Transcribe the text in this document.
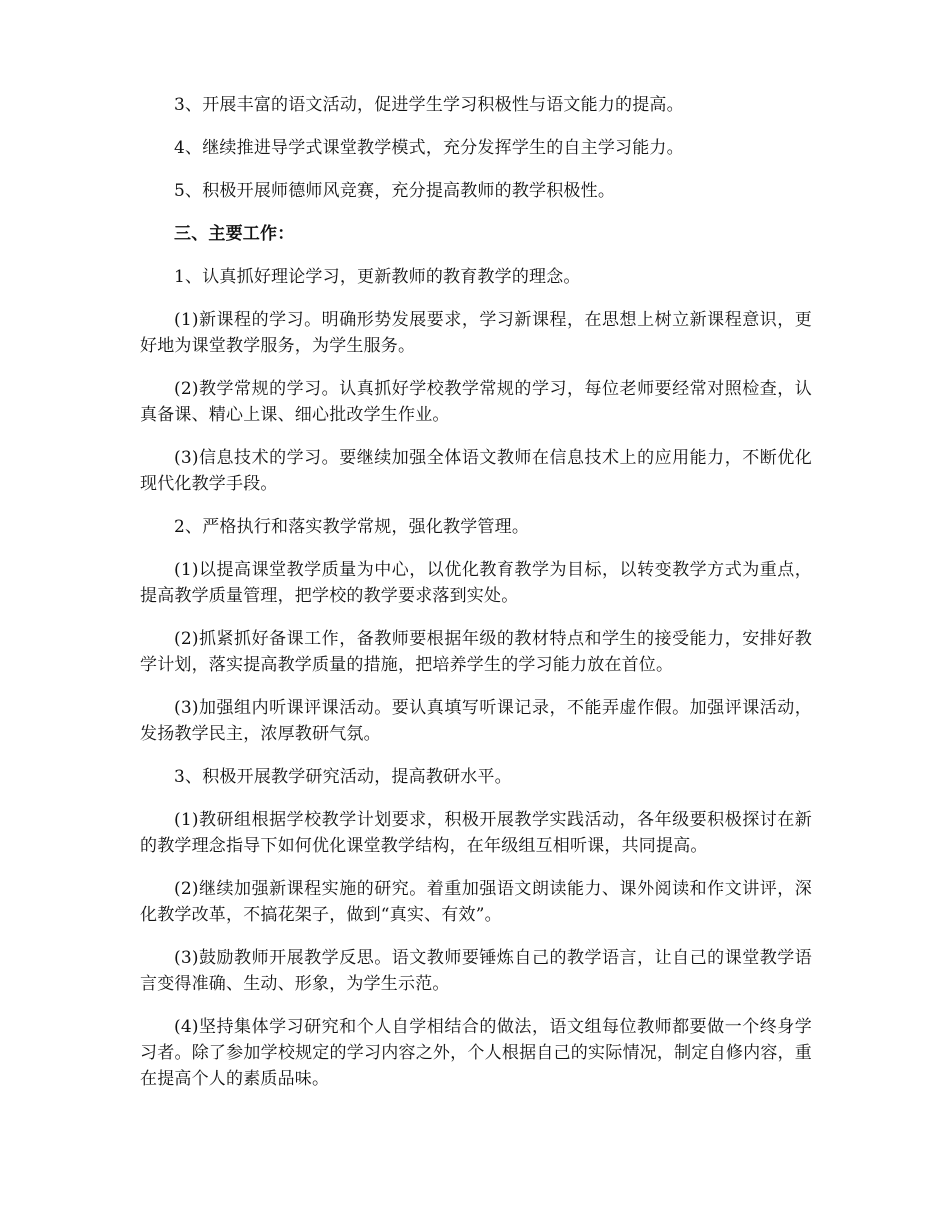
3、开展丰富的语文活动，促进学生学习积极性与语文能力的提高。

4、继续推进导学式课堂教学模式，充分发挥学生的自主学习能力。

5、积极开展师德师风竞赛，充分提高教师的教学积极性。

三、主要工作：

1、认真抓好理论学习，更新教师的教育教学的理念。

(1)新课程的学习。明确形势发展要求，学习新课程，在思想上树立新课程意识，更好地为课堂教学服务，为学生服务。

(2)教学常规的学习。认真抓好学校教学常规的学习，每位老师要经常对照检查，认真备课、精心上课、细心批改学生作业。

(3)信息技术的学习。要继续加强全体语文教师在信息技术上的应用能力，不断优化现代化教学手段。

2、严格执行和落实教学常规，强化教学管理。

(1)以提高课堂教学质量为中心，以优化教育教学为目标，以转变教学方式为重点，提高教学质量管理，把学校的教学要求落到实处。

(2)抓紧抓好备课工作，备教师要根据年级的教材特点和学生的接受能力，安排好教学计划，落实提高教学质量的措施，把培养学生的学习能力放在首位。

(3)加强组内听课评课活动。要认真填写听课记录，不能弄虚作假。加强评课活动，发扬教学民主，浓厚教研气氛。

3、积极开展教学研究活动，提高教研水平。

(1)教研组根据学校教学计划要求，积极开展教学实践活动，各年级要积极探讨在新的教学理念指导下如何优化课堂教学结构，在年级组互相听课，共同提高。

(2)继续加强新课程实施的研究。着重加强语文朗读能力、课外阅读和作文讲评，深化教学改革，不搞花架子，做到“真实、有效”。

(3)鼓励教师开展教学反思。语文教师要锤炼自己的教学语言，让自己的课堂教学语言变得准确、生动、形象，为学生示范。

(4)坚持集体学习研究和个人自学相结合的做法，语文组每位教师都要做一个终身学习者。除了参加学校规定的学习内容之外，个人根据自己的实际情况，制定自修内容，重在提高个人的素质品味。
